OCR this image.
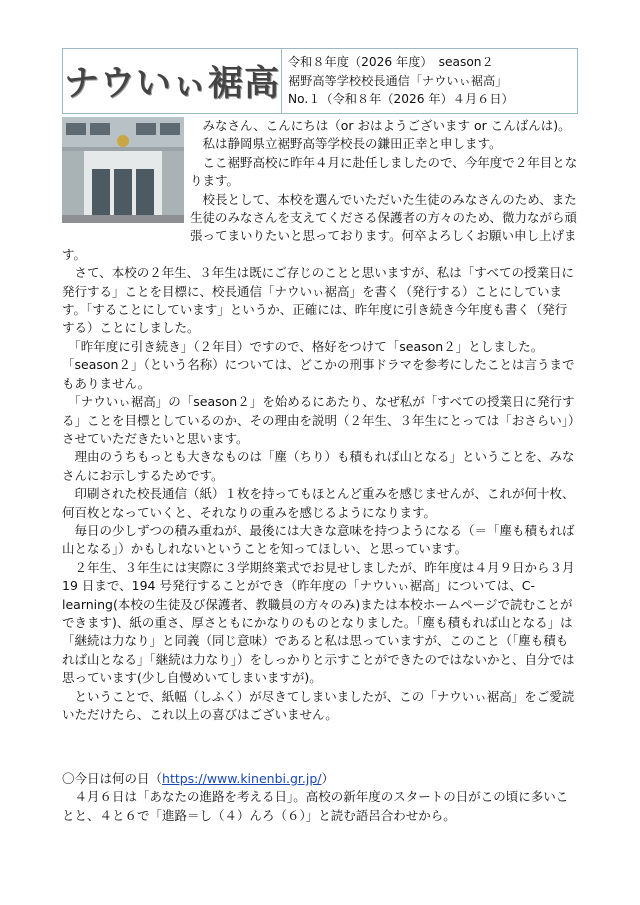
ナウいぃ裾高
令和８年度（2026 年度）　season２
裾野高等学校校長通信「ナウいぃ裾高」
No.１（令和８年（2026 年）４月６日）

　みなさん、こんにちは（or おはようございます or こんばんは)。

　私は静岡県立裾野高等学校長の鎌田正幸と申します。

　ここ裾野高校に昨年４月に赴任しましたので、今年度で２年目となります。

　校長として、本校を選んでいただいた生徒のみなさんのため、また生徒のみなさんを支えてくださる保護者の方々のため、微力ながら頑張ってまいりたいと思っております。何卒よろしくお願い申し上げます。

　さて、本校の２年生、３年生は既にご存じのことと思いますが、私は「すべての授業日に発行する」ことを目標に、校長通信「ナウいぃ裾高」を書く（発行する）ことにしています。「することにしています」というか、正確には、昨年度に引き続き今年度も書く（発行する）ことにしました。

　「昨年度に引き続き」（２年目）ですので、格好をつけて「season２」としました。「season２」（という名称）については、どこかの刑事ドラマを参考にしたことは言うまでもありません。

　「ナウいぃ裾高」の「season２」を始めるにあたり、なぜ私が「すべての授業日に発行する」ことを目標としているのか、その理由を説明（２年生、３年生にとっては「おさらい」）させていただきたいと思います。

　理由のうちもっとも大きなものは「塵（ちり）も積もれば山となる」ということを、みなさんにお示しするためです。

　印刷された校長通信（紙）１枚を持ってもほとんど重みを感じませんが、これが何十枚、何百枚となっていくと、それなりの重みを感じるようになります。

　毎日の少しずつの積み重ねが、最後には大きな意味を持つようになる（＝「塵も積もれば山となる」）かもしれないということを知ってほしい、と思っています。

　２年生、３年生には実際に３学期終業式でお見せしましたが、昨年度は４月９日から３月 19 日まで、194 号発行することができ（昨年度の「ナウいぃ裾高」については、C-learning(本校の生徒及び保護者、教職員の方々のみ)または本校ホームページで読むことができます)、紙の重さ、厚さともにかなりのものとなりました。「塵も積もれば山となる」は「継続は力なり」と同義（同じ意味）であると私は思っていますが、このこと（「塵も積もれば山となる」「継続は力なり」）をしっかりと示すことができたのではないかと、自分では思っています(少し自慢めいてしまいますが)。

　ということで、紙幅（しふく）が尽きてしまいましたが、この「ナウいぃ裾高」をご愛読いただけたら、これ以上の喜びはございません。

〇今日は何の日（https://www.kinenbi.gr.jp/）

　４月６日は「あなたの進路を考える日」。高校の新年度のスタートの日がこの頃に多いことと、４と６で「進路＝し（４）んろ（６）」と読む語呂合わせから。
